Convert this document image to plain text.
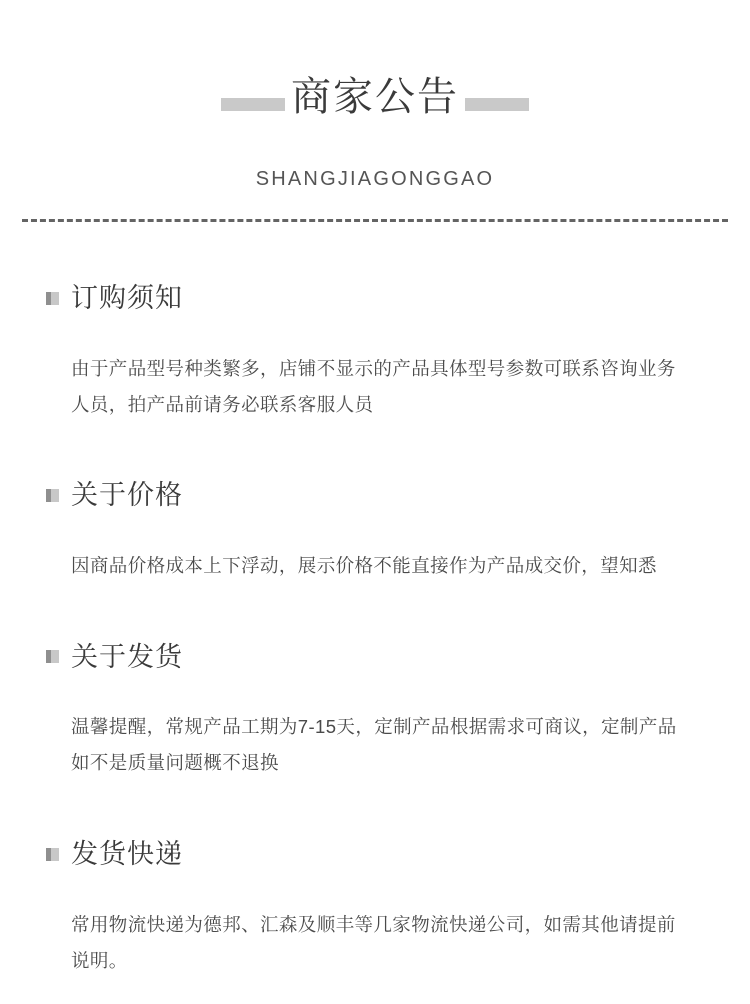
商家公告
SHANGJIAGONGGAO
订购须知

由于产品型号种类繁多，店铺不显示的产品具体型号参数可联系咨询业务人员，拍产品前请务必联系客服人员

关于价格

因商品价格成本上下浮动，展示价格不能直接作为产品成交价，望知悉

关于发货

温馨提醒，常规产品工期为7-15天，定制产品根据需求可商议，定制产品如不是质量问题概不退换

发货快递

常用物流快递为德邦、汇森及顺丰等几家物流快递公司，如需其他请提前说明。
